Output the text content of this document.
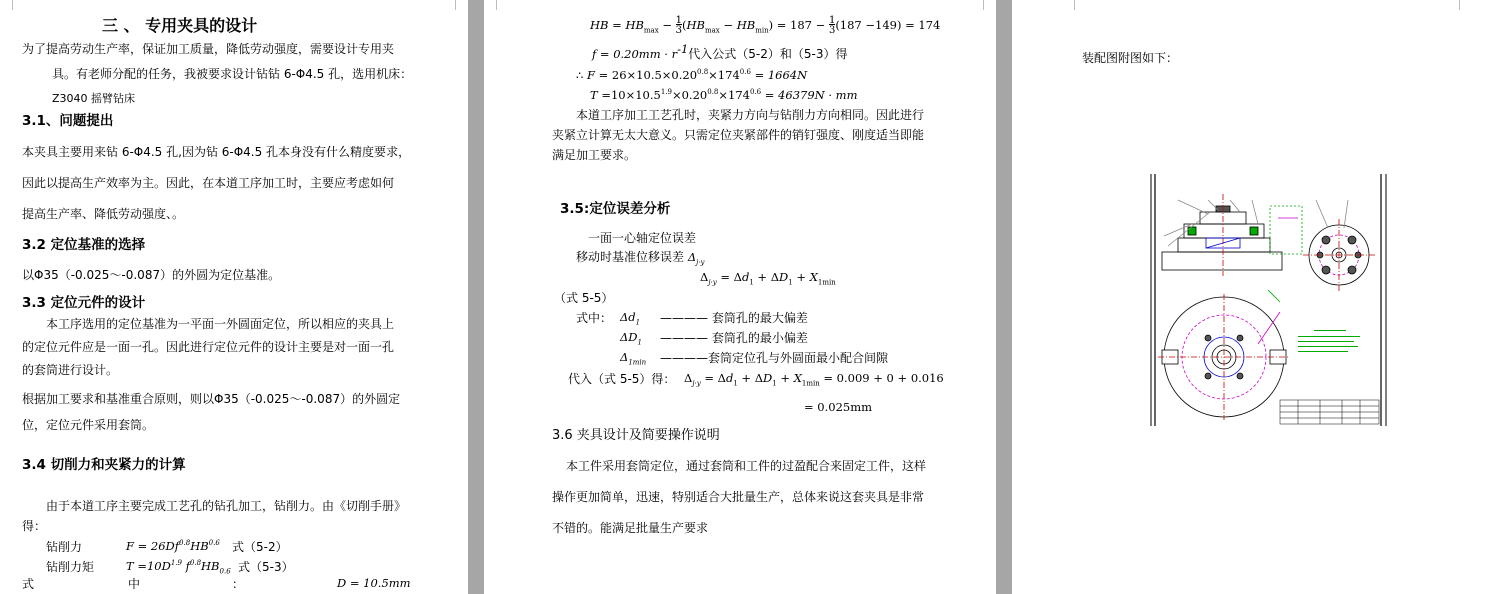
三 、 专用夹具的设计
为了提高劳动生产率，保证加工质量，降低劳动强度，需要设计专用夹
具。有老师分配的任务，我被要求设计钻钻 6-Φ4.5 孔，选用机床：
Z3040 摇臂钻床
3.1、问题提出
本夹具主要用来钻 6-Φ4.5 孔,因为钻 6-Φ4.5 孔本身没有什么精度要求，
因此以提高生产效率为主。因此，在本道工序加工时，主要应考虑如何
提高生产率、降低劳动强度、。
3.2 定位基准的选择
以Φ35（-0.025～-0.087）的外圆为定位基准。
3.3 定位元件的设计
本工序选用的定位基准为一平面一外圆面定位，所以相应的夹具上
的定位元件应是一面一孔。因此进行定位元件的设计主要是对一面一孔
的套筒进行设计。
根据加工要求和基准重合原则，则以Φ35（-0.025～-0.087）的外圆定
位，定位元件采用套筒。
3.4 切削力和夹紧力的计算
由于本道工序主要完成工艺孔的钻孔加工，钻削力。由《切削手册》
得：
钻削力	$F = 26Df^{0.8}HB^{0.6}$ 式（5-2）
钻削力矩	$T =10D^{1.9}$ $f^{0.8}HB_{0.6}$ 式（5-3）
式	中	：	D = 10.5mm
HB = $HB_{max} - 1$
$3(HB_{max} - HB_{min}) = 187 - 1$
3(187 −149) = 174
$f = 0.20mm \cdot r^{-1}$代入公式（5-2）和（5-3）得
∴ $F = 26\times 10.5\times 0.20^{0.8}\times 174^{0.6} = 1664N$
$T =10\times 10.5^{1.9}\times 0.20^{0.8}\times 174^{0.6} = 46379N$ · mm
本道工序加工工艺孔时，夹紧力方向与钻削力方向相同。因此进行
夹紧立计算无太大意义。只需定位夹紧部件的销钉强度、刚度适当即能
满足加工要求。
3.5:定位误差分析
一面一心轴定位误差
移动时基准位移误差 $\Delta_{j\cdot y}$
$\Delta_{j\cdot y} = \Delta d_1 + \Delta D_1 + X_{1min}$
（式 5-5）
式中： $\Delta d_1$ ———— 套筒孔的最大偏差
$\Delta D_1$ ———— 套筒孔的最小偏差
$\Delta_{1min}$ ————套筒定位孔与外圆面最小配合间隙
代入（式 5-5）得： $\Delta_{j\cdot y} = \Delta d_1 + \Delta D_1 + X_{1min} = 0.009 + 0 + 0.016$
= 0.025mm
3.6 夹具设计及简要操作说明
本工件采用套筒定位，通过套筒和工件的过盈配合来固定工件，这样
操作更加简单，迅速，特别适合大批量生产，总体来说这套夹具是非常
不错的。能满足批量生产要求
装配图附图如下：
